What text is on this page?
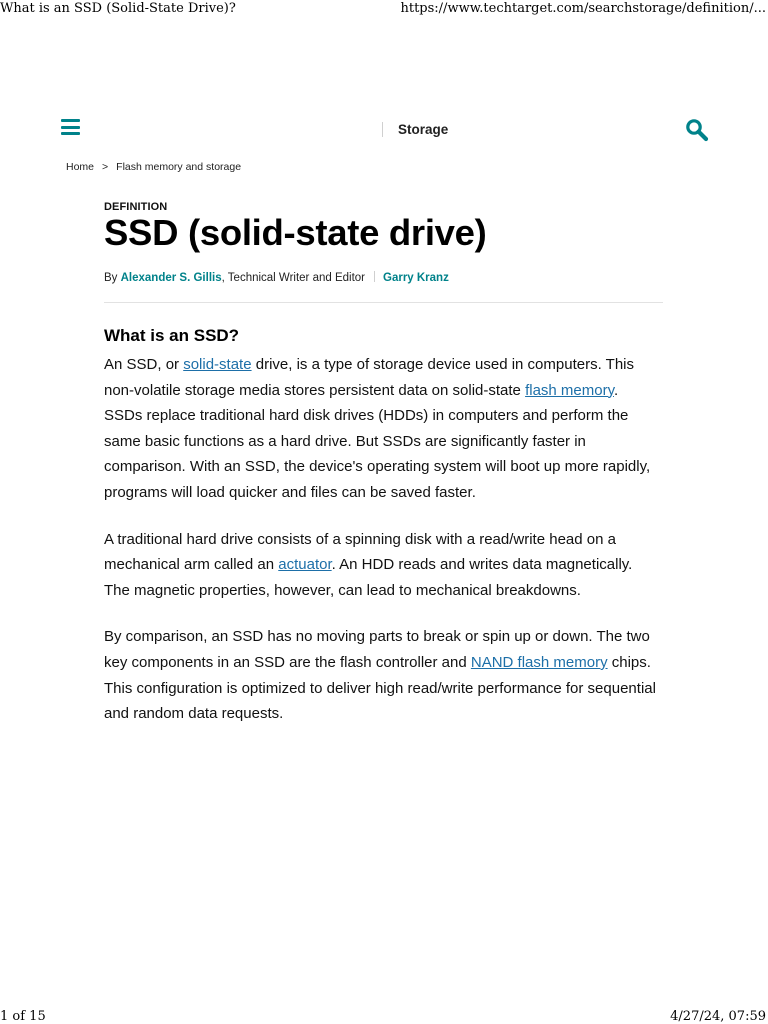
What is an SSD (Solid-State Drive)?	https://www.techtarget.com/searchstorage/definition/...
Storage
Home > Flash memory and storage
DEFINITION
SSD (solid-state drive)
By Alexander S. Gillis, Technical Writer and Editor Garry Kranz
What is an SSD?

An SSD, or solid-state drive, is a type of storage device used in computers. This non-volatile storage media stores persistent data on solid-state flash memory. SSDs replace traditional hard disk drives (HDDs) in computers and perform the same basic functions as a hard drive. But SSDs are significantly faster in comparison. With an SSD, the device's operating system will boot up more rapidly, programs will load quicker and files can be saved faster.

A traditional hard drive consists of a spinning disk with a read/write head on a mechanical arm called an actuator. An HDD reads and writes data magnetically. The magnetic properties, however, can lead to mechanical breakdowns.

By comparison, an SSD has no moving parts to break or spin up or down. The two key components in an SSD are the flash controller and NAND flash memory chips. This configuration is optimized to deliver high read/write performance for sequential and random data requests.

1 of 15	4/27/24, 07:59
